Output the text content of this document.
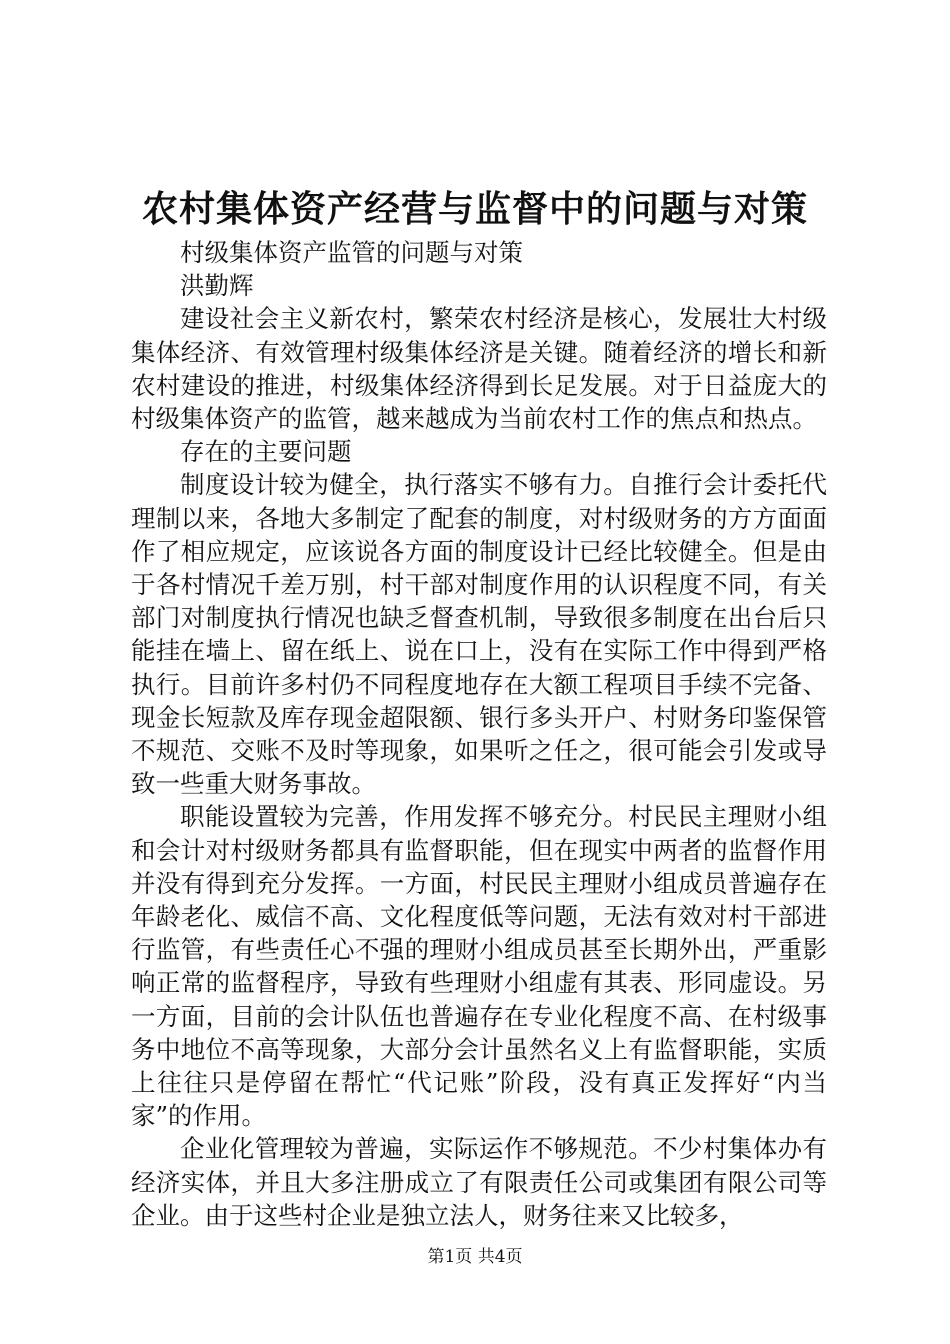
农村集体资产经营与监督中的问题与对策

村级集体资产监管的问题与对策

洪勤辉

建设社会主义新农村，繁荣农村经济是核心，发展壮大村级集体经济、有效管理村级集体经济是关键。随着经济的增长和新农村建设的推进，村级集体经济得到长足发展。对于日益庞大的村级集体资产的监管，越来越成为当前农村工作的焦点和热点。

存在的主要问题

制度设计较为健全，执行落实不够有力。自推行会计委托代理制以来，各地大多制定了配套的制度，对村级财务的方方面面作了相应规定，应该说各方面的制度设计已经比较健全。但是由于各村情况千差万别，村干部对制度作用的认识程度不同，有关部门对制度执行情况也缺乏督查机制，导致很多制度在出台后只能挂在墙上、留在纸上、说在口上，没有在实际工作中得到严格执行。目前许多村仍不同程度地存在大额工程项目手续不完备、现金长短款及库存现金超限额、银行多头开户、村财务印鉴保管不规范、交账不及时等现象，如果听之任之，很可能会引发或导致一些重大财务事故。

职能设置较为完善，作用发挥不够充分。村民民主理财小组和会计对村级财务都具有监督职能，但在现实中两者的监督作用并没有得到充分发挥。一方面，村民民主理财小组成员普遍存在年龄老化、威信不高、文化程度低等问题，无法有效对村干部进行监管，有些责任心不强的理财小组成员甚至长期外出，严重影响正常的监督程序，导致有些理财小组虚有其表、形同虚设。另一方面，目前的会计队伍也普遍存在专业化程度不高、在村级事务中地位不高等现象，大部分会计虽然名义上有监督职能，实质上往往只是停留在帮忙“代记账”阶段，没有真正发挥好“内当家”的作用。

企业化管理较为普遍，实际运作不够规范。不少村集体办有经济实体，并且大多注册成立了有限责任公司或集团有限公司等企业。由于这些村企业是独立法人，财务往来又比较多，

第1页 共4页
